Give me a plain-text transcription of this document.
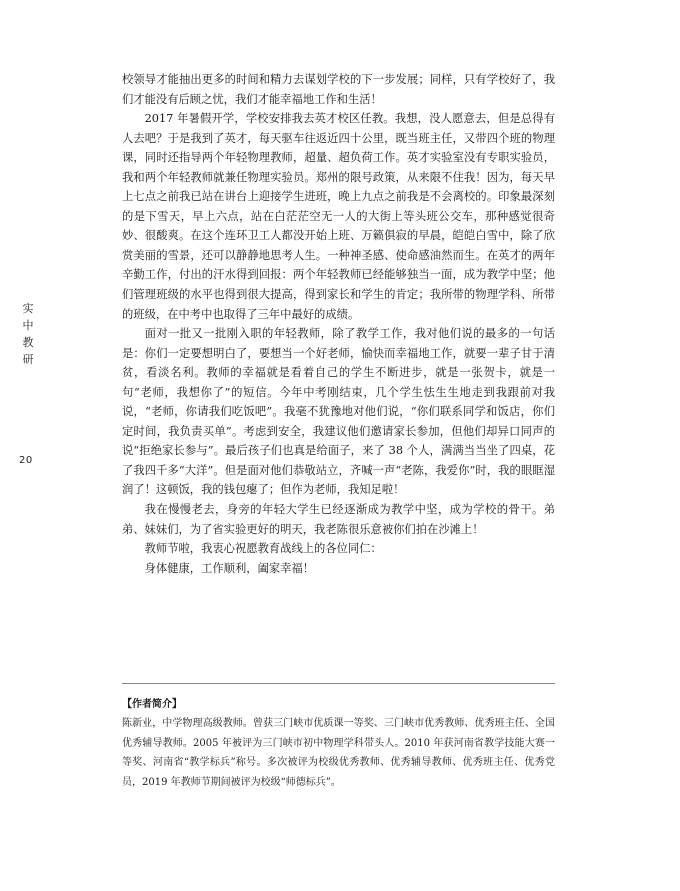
实
中
教
研
20

校领导才能抽出更多的时间和精力去谋划学校的下一步发展；同样，只有学校好了，我们才能没有后顾之忧，我们才能幸福地工作和生活！

2017 年暑假开学，学校安排我去英才校区任教。我想，没人愿意去，但是总得有人去吧？于是我到了英才，每天驱车往返近四十公里，既当班主任，又带四个班的物理课，同时还指导两个年轻物理教师，超量、超负荷工作。英才实验室没有专职实验员，我和两个年轻教师就兼任物理实验员。郑州的限号政策，从来限不住我！因为，每天早上七点之前我已站在讲台上迎接学生进班，晚上九点之前我是不会离校的。印象最深刻的是下雪天，早上六点，站在白茫茫空无一人的大街上等头班公交车，那种感觉很奇妙、很酸爽。在这个连环卫工人都没开始上班、万籁俱寂的早晨，皑皑白雪中，除了欣赏美丽的雪景，还可以静静地思考人生。一种神圣感、使命感油然而生。在英才的两年辛勤工作，付出的汗水得到回报：两个年轻教师已经能够独当一面，成为教学中坚；他们管理班级的水平也得到很大提高，得到家长和学生的肯定；我所带的物理学科、所带的班级，在中考中也取得了三年中最好的成绩。

面对一批又一批刚入职的年轻教师，除了教学工作，我对他们说的最多的一句话是：你们一定要想明白了，要想当一个好老师，愉快而幸福地工作，就要一辈子甘于清贫，看淡名利。教师的幸福就是看着自己的学生不断进步，就是一张贺卡，就是一句“老师，我想你了”的短信。今年中考刚结束，几个学生怯生生地走到我跟前对我说，“老师，你请我们吃饭吧”。我毫不犹豫地对他们说，“你们联系同学和饭店，你们定时间，我负责买单”。考虑到安全，我建议他们邀请家长参加，但他们却异口同声的说“拒绝家长参与”。最后孩子们也真是给面子，来了 38 个人，满满当当坐了四桌，花了我四千多“大洋”。但是面对他们恭敬站立，齐喊一声“老陈，我爱你”时，我的眼眶湿润了！这顿饭，我的钱包瘪了；但作为老师，我知足啦！

我在慢慢老去，身旁的年轻大学生已经逐渐成为教学中坚，成为学校的骨干。弟弟、妹妹们，为了省实验更好的明天，我老陈很乐意被你们拍在沙滩上！

教师节啦，我衷心祝愿教育战线上的各位同仁：

身体健康，工作顺利，阖家幸福！

【作者简介】

陈新业，中学物理高级教师。曾获三门峡市优质课一等奖、三门峡市优秀教师、优秀班主任、全国优秀辅导教师。2005 年被评为三门峡市初中物理学科带头人。2010 年获河南省教学技能大赛一等奖、河南省“教学标兵”称号。多次被评为校级优秀教师、优秀辅导教师、优秀班主任、优秀党员，2019 年教师节期间被评为校级“师德标兵”。
